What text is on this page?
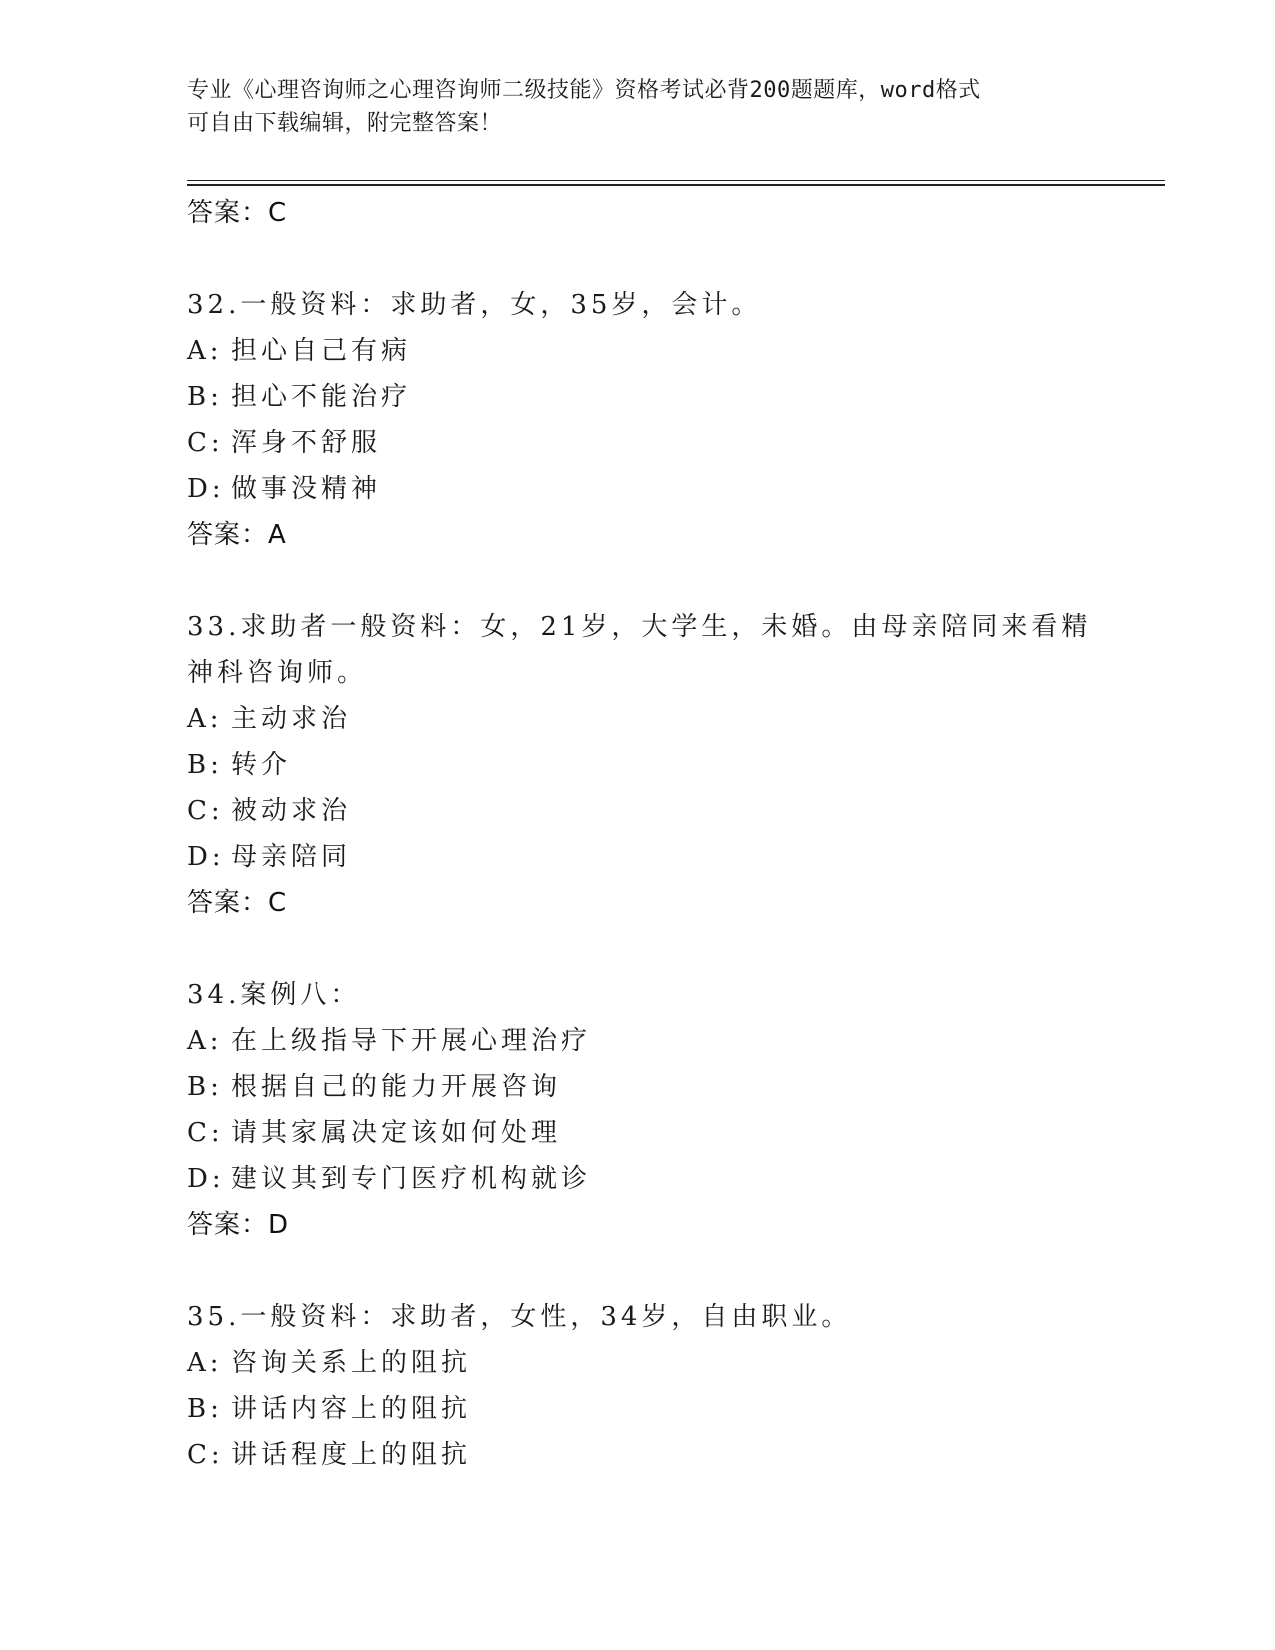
专业《心理咨询师之心理咨询师二级技能》资格考试必背200题题库，word格式
可自由下载编辑，附完整答案！
答案：C
32.一般资料：求助者，女，35岁，会计。
A: 担心自己有病
B: 担心不能治疗
C: 浑身不舒服
D: 做事没精神
答案：A
33.求助者一般资料：女，21岁，大学生，未婚。由母亲陪同来看精神科咨询师。
A: 主动求治
B: 转介
C: 被动求治
D: 母亲陪同
答案：C
34.案例八：
A: 在上级指导下开展心理治疗
B: 根据自己的能力开展咨询
C: 请其家属决定该如何处理
D: 建议其到专门医疗机构就诊
答案：D
35.一般资料：求助者，女性，34岁，自由职业。
A: 咨询关系上的阻抗
B: 讲话内容上的阻抗
C: 讲话程度上的阻抗
